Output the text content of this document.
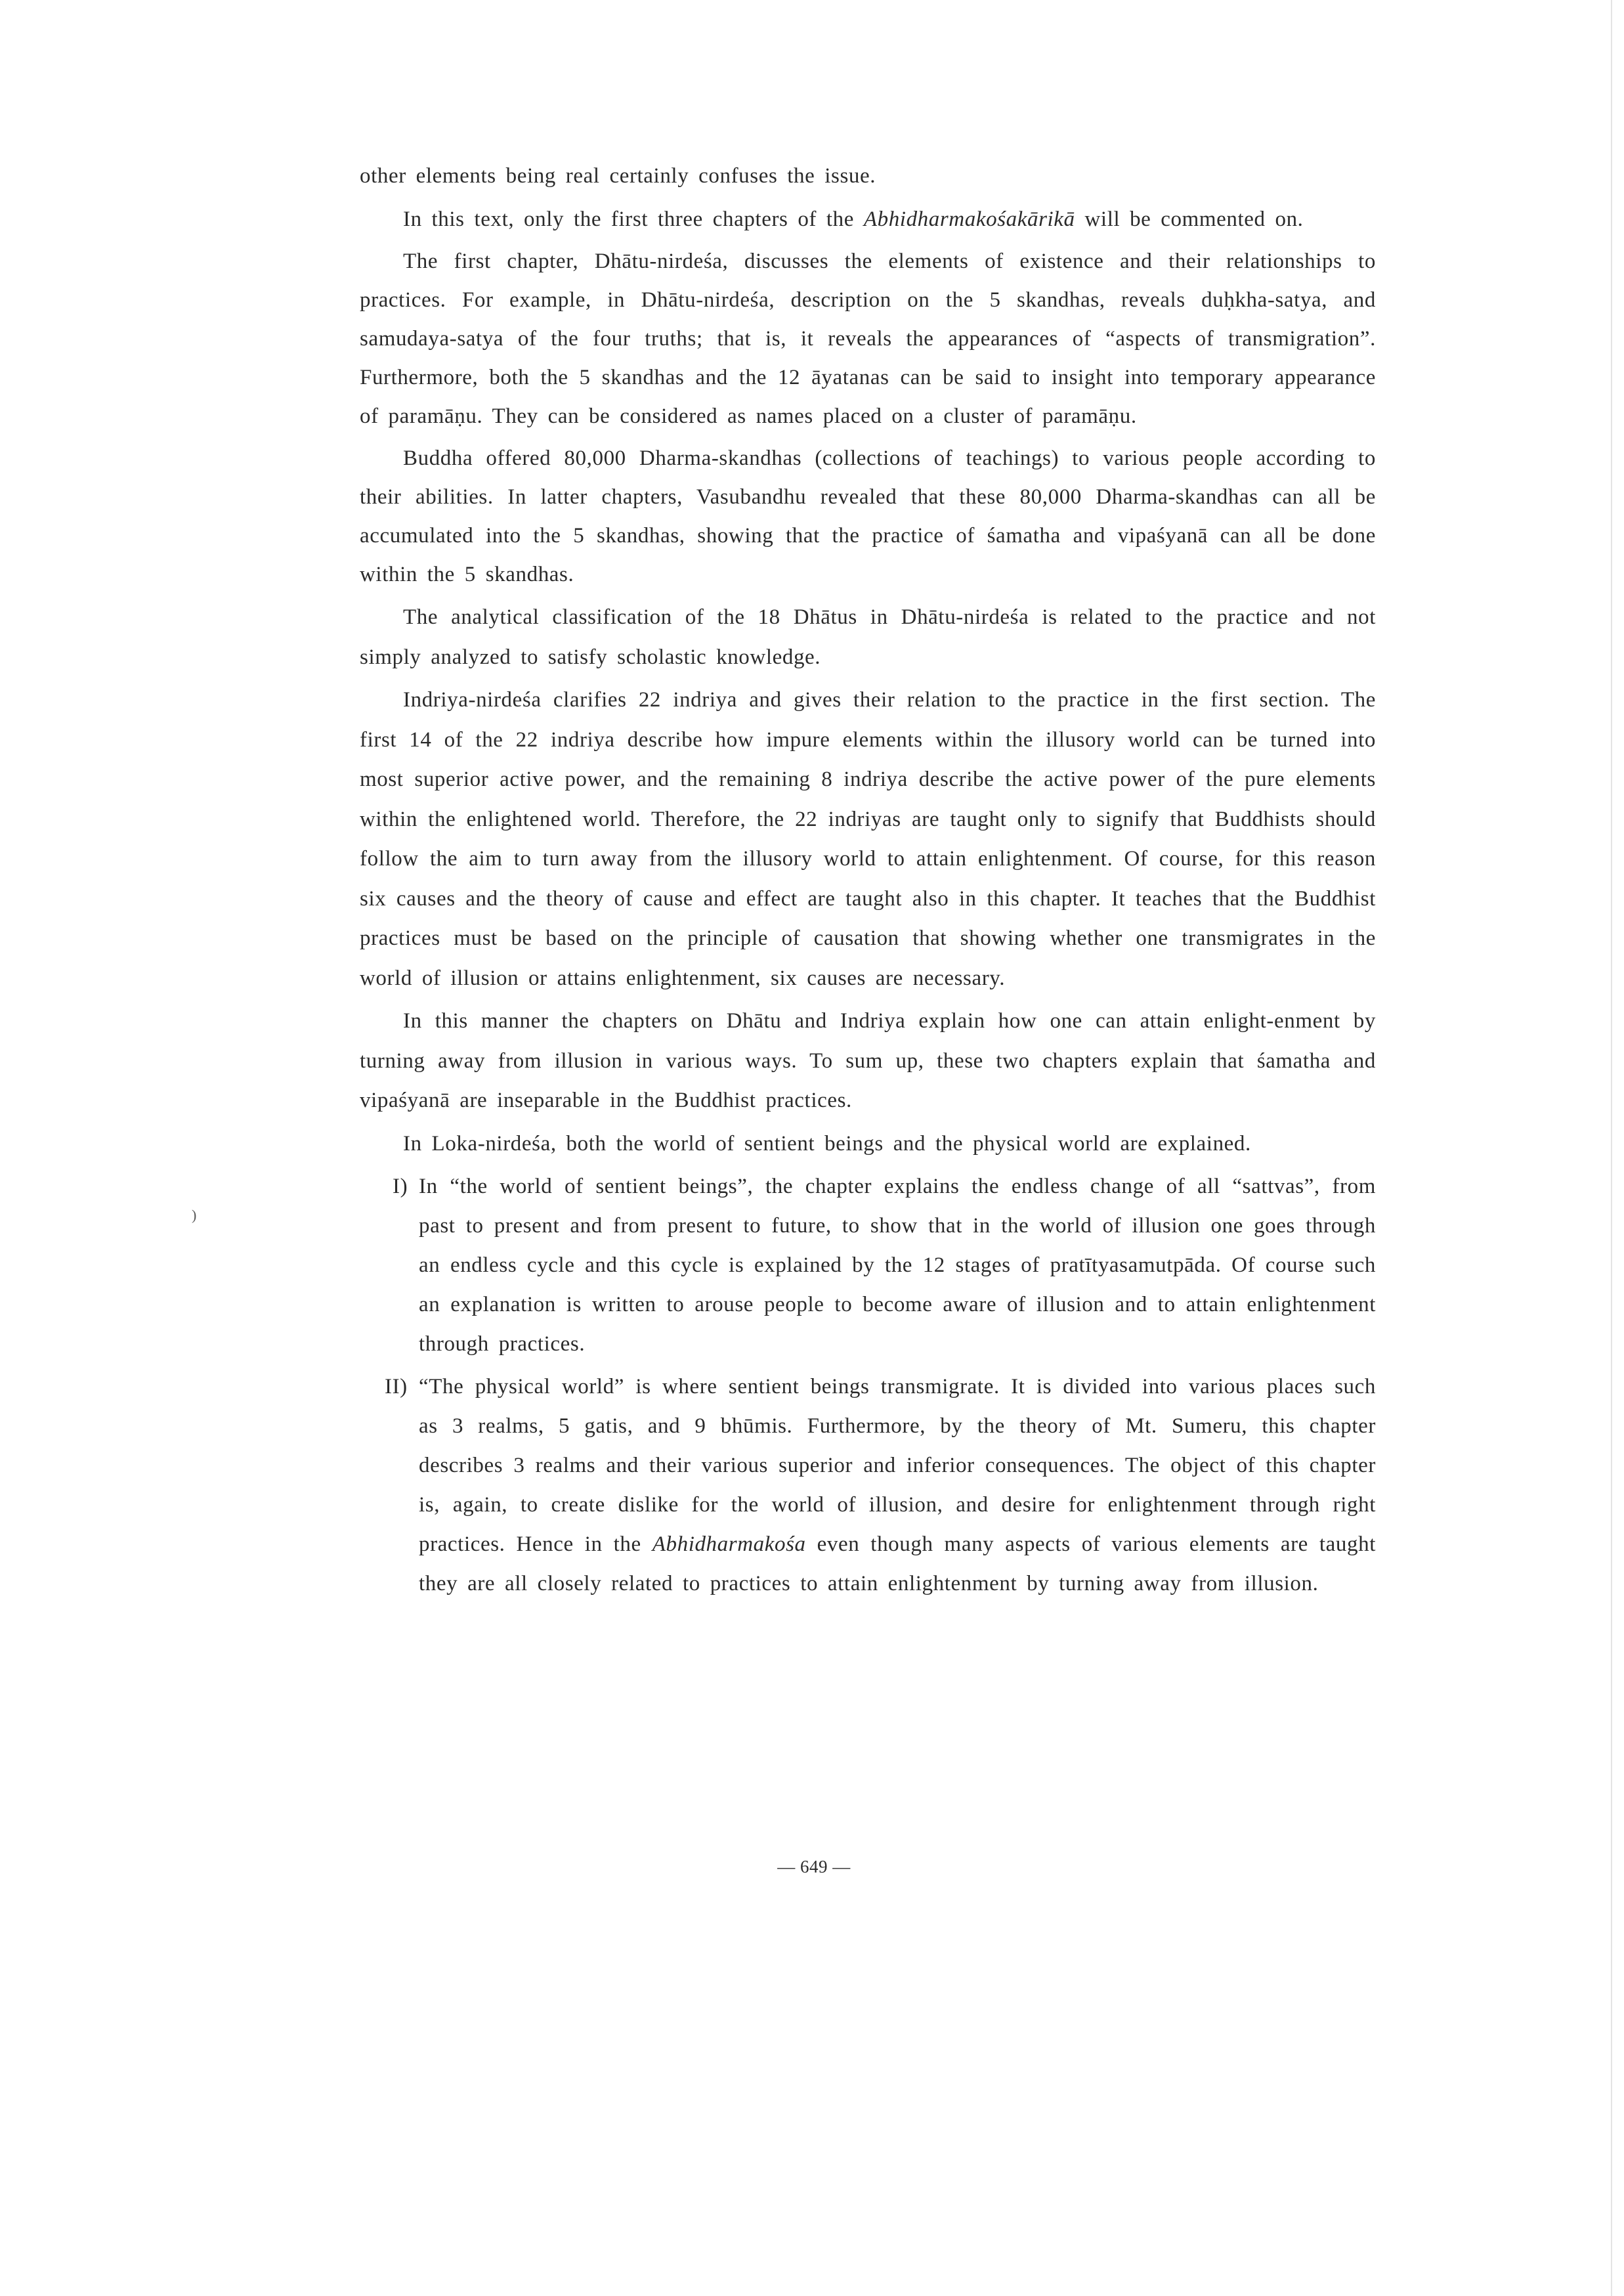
)

other elements being real certainly confuses the issue.

In this text, only the first three chapters of the Abhidharmakośakārikā will be commented on.

The first chapter, Dhātu-nirdeśa, discusses the elements of existence and their relationships to practices. For example, in Dhātu-nirdeśa, description on the 5 skandhas, reveals duḥkha-satya, and samudaya-satya of the four truths; that is, it reveals the appearances of “aspects of transmigration”. Furthermore, both the 5 skandhas and the 12 āyatanas can be said to insight into temporary appearance of paramāṇu. They can be considered as names placed on a cluster of paramāṇu.

Buddha offered 80,000 Dharma-skandhas (collections of teachings) to various people according to their abilities. In latter chapters, Vasubandhu revealed that these 80,000 Dharma-skandhas can all be accumulated into the 5 skandhas, showing that the practice of śamatha and vipaśyanā can all be done within the 5 skandhas.

The analytical classification of the 18 Dhātus in Dhātu-nirdeśa is related to the practice and not simply analyzed to satisfy scholastic knowledge.

Indriya-nirdeśa clarifies 22 indriya and gives their relation to the practice in the first section. The first 14 of the 22 indriya describe how impure elements within the illusory world can be turned into most superior active power, and the remaining 8 indriya describe the active power of the pure elements within the enlightened world. Therefore, the 22 indriyas are taught only to signify that Buddhists should follow the aim to turn away from the illusory world to attain enlightenment. Of course, for this reason six causes and the theory of cause and effect are taught also in this chapter. It teaches that the Buddhist practices must be based on the principle of causation that showing whether one transmigrates in the world of illusion or attains enlightenment, six causes are necessary.

In this manner the chapters on Dhātu and Indriya explain how one can attain enlight-enment by turning away from illusion in various ways. To sum up, these two chapters explain that śamatha and vipaśyanā are inseparable in the Buddhist practices.

In Loka-nirdeśa, both the world of sentient beings and the physical world are explained.

I) In “the world of sentient beings”, the chapter explains the endless change of all “sattvas”, from past to present and from present to future, to show that in the world of illusion one goes through an endless cycle and this cycle is explained by the 12 stages of pratītyasamutpāda. Of course such an explanation is written to arouse people to become aware of illusion and to attain enlightenment through practices.
II) “The physical world” is where sentient beings transmigrate. It is divided into various places such as 3 realms, 5 gatis, and 9 bhūmis. Furthermore, by the theory of Mt. Sumeru, this chapter describes 3 realms and their various superior and inferior consequences. The object of this chapter is, again, to create dislike for the world of illusion, and desire for enlightenment through right practices. Hence in the Abhidharmakośa even though many aspects of various elements are taught they are all closely related to practices to attain enlightenment by turning away from illusion.
— 649 —
